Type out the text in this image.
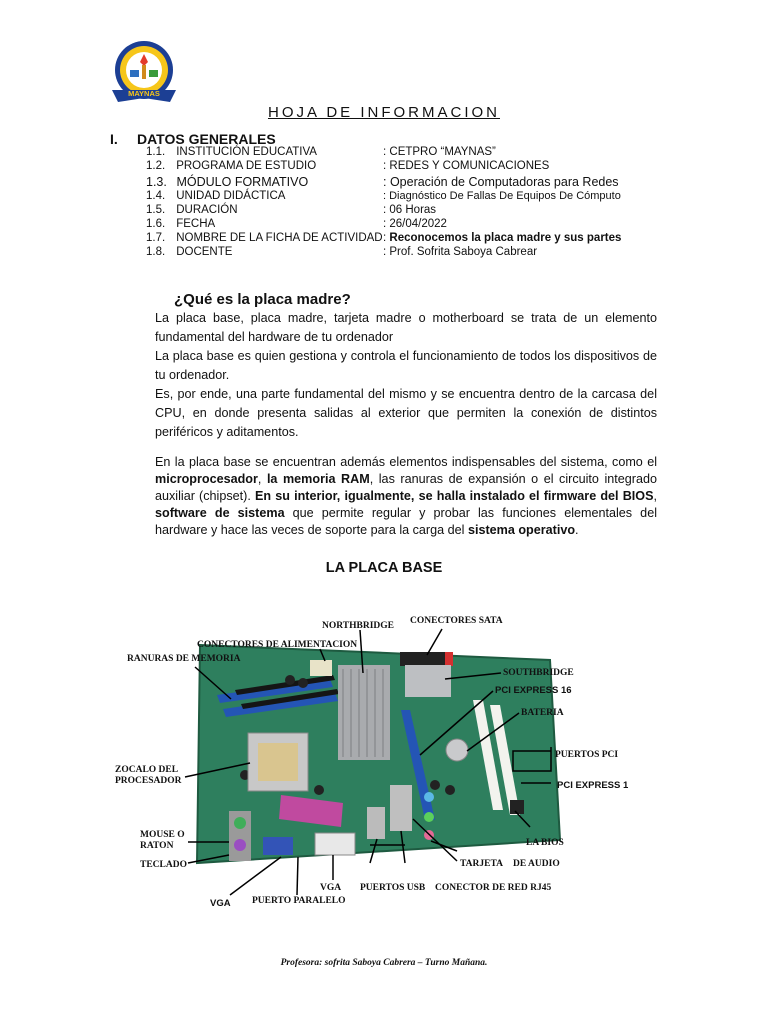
MAYNAS
HOJA DE INFORMACION
I. DATOS GENERALES
1.1. INSTITUCIÓN EDUCATIVA	: CETPRO “MAYNAS”
1.2. PROGRAMA DE ESTUDIO	: REDES Y COMUNICACIONES
1.3. MÓDULO FORMATIVO	: Operación de Computadoras para Redes
1.4. UNIDAD DIDÁCTICA	: Diagnóstico De Fallas De Equipos De Cómputo
1.5. DURACIÓN	: 06 Horas
1.6. FECHA	: 26/04/2022
1.7. NOMBRE DE LA FICHA DE ACTIVIDAD : Reconocemos la placa madre y sus partes
1.8. DOCENTE	: Prof. Sofrita Saboya Cabrear
¿Qué es la placa madre?
La placa base, placa madre, tarjeta madre o motherboard se trata de un elemento fundamental del hardware de tu ordenador
La placa base es quien gestiona y controla el funcionamiento de todos los dispositivos de tu ordenador.
Es, por ende, una parte fundamental del mismo y se encuentra dentro de la carcasa del CPU, en donde presenta salidas al exterior que permiten la conexión de distintos periféricos y aditamentos.
En la placa base se encuentran además elementos indispensables del sistema, como el microprocesador, la memoria RAM, las ranuras de expansión o el circuito integrado auxiliar (chipset). En su interior, igualmente, se halla instalado el firmware del BIOS, software de sistema que permite regular y probar las funciones elementales del hardware y hace las veces de soporte para la carga del sistema operativo.
LA PLACA BASE
NORTHBRIDGE CONECTORES SATA
CONECTORES DE ALIMENTACION
RANURAS DE MEMORIA
SOUTHBRIDGE
PCI EXPRESS 16
BATERIA
PUERTOS PCI
ZOCALO DEL
PROCESADOR	PCI EXPRESS 1
MOUSE O
RATON	LA BIOS
TECLADO	TARJETA DE AUDIO
VGA PUERTOS USB CONECTOR DE RED RJ45
VGA PUERTO PARALELO
Profesora: sofrita Saboya Cabrera – Turno Mañana.
